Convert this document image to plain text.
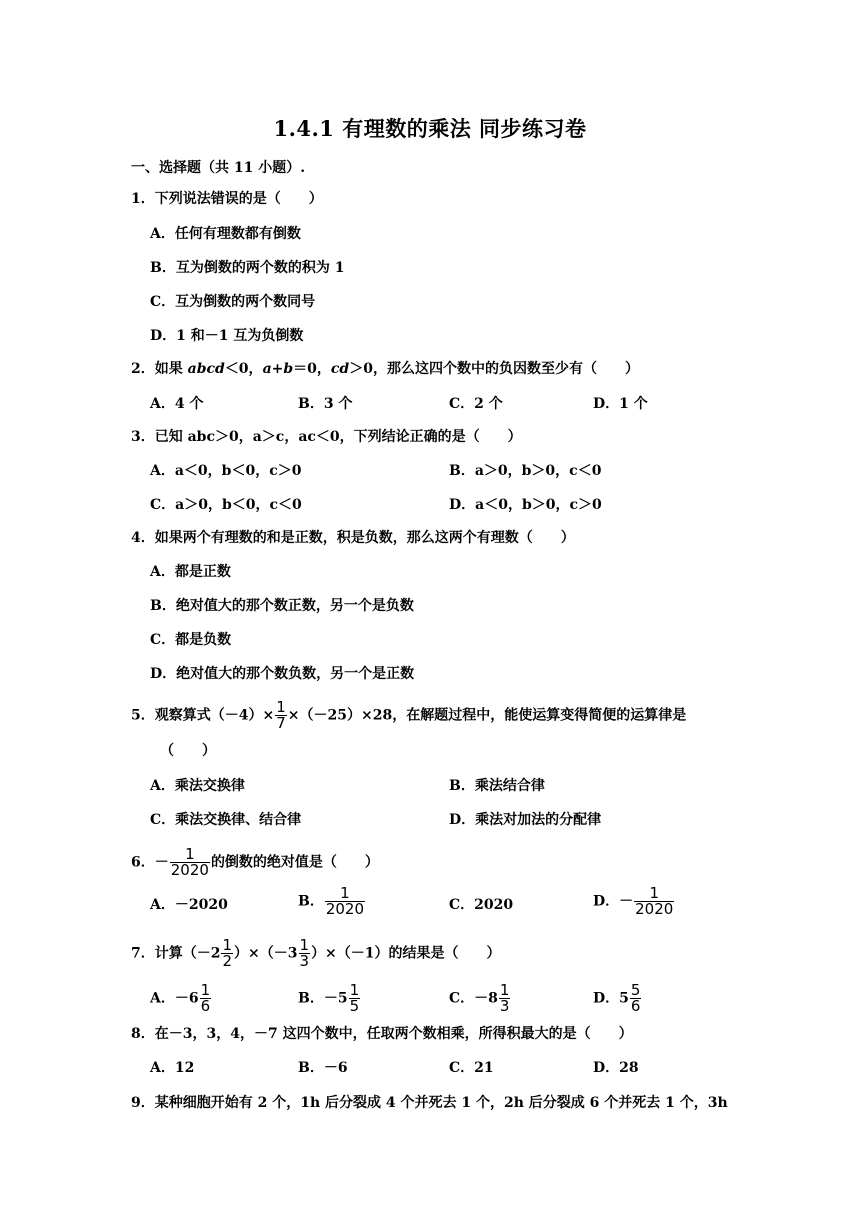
1.4.1 有理数的乘法 同步练习卷
一、选择题（共 11 小题）.
1．下列说法错误的是（　　）
A．任何有理数都有倒数
B．互为倒数的两个数的积为 1
C．互为倒数的两个数同号
D．1 和－1 互为负倒数
2．如果 abcd＜0，a+b＝0，cd＞0，那么这四个数中的负因数至少有（　　）
A．4 个	B．3 个	C．2 个	D．1 个
3．已知 abc＞0，a＞c，ac＜0，下列结论正确的是（　　）
A．a＜0，b＜0，c＞0	B．a＞0，b＞0，c＜0
C．a＞0，b＜0，c＜0	D．a＜0，b＞0，c＞0
4．如果两个有理数的和是正数，积是负数，那么这两个有理数（　　）
A．都是正数
B．绝对值大的那个数正数，另一个是负数
C．都是负数
D．绝对值大的那个数负数，另一个是正数
5．观察算式$(-4)\times \frac{1}{7} \times(-25)\times 28$，在解题过程中，能使运算变得简便的运算律是
（　　）
A．乘法交换律	B．乘法结合律
C．乘法交换律、结合律	D．乘法对加法的分配律
6．－ $\frac{1}{2020}$ 的倒数的绝对值是（　　）
A．－2020	B． $\frac{1}{2020}$	C．2020	D．－ $\frac{1}{2020}$
7．计算$(-2 \frac{1}{2} )\times(-3 \frac{1}{3} )\times(-1)$的结果是（　　）
A．$-6 \frac{1}{6}$	B．$-5 \frac{1}{5}$	C．$-8 \frac{1}{3}$	D．$5 \frac{5}{6}$
8．在－3，3，4，－7 这四个数中，任取两个数相乘，所得积最大的是（　　）
A．12	B．－6	C．21	D．28
9．某种细胞开始有 2 个，1h 后分裂成 4 个并死去 1 个，2h 后分裂成 6 个并死去 1 个，3h
